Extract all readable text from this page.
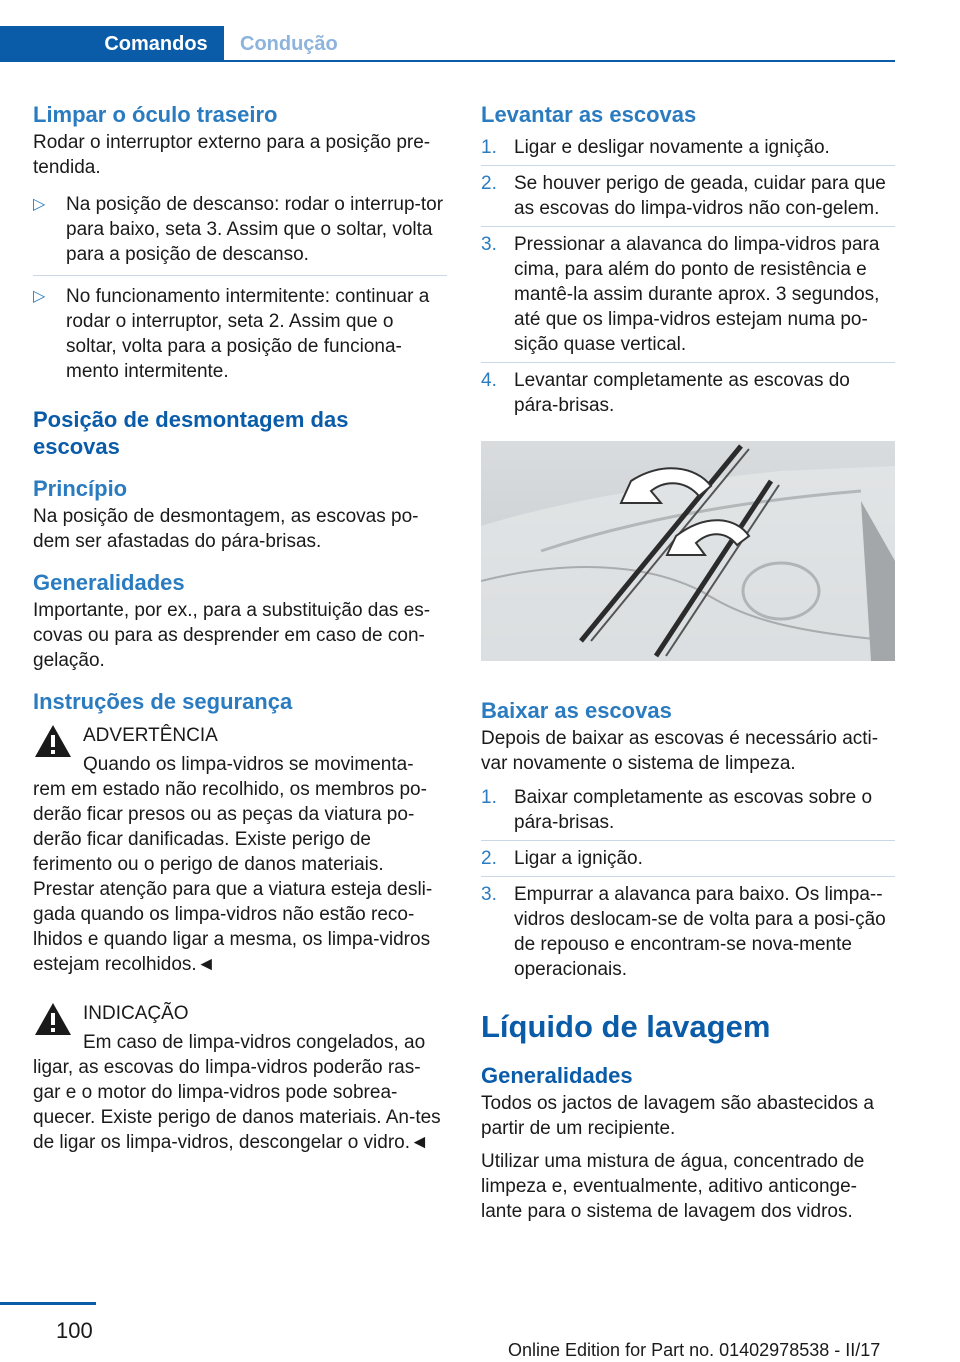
Comandos Condução
Limpar o óculo traseiro

Rodar o interruptor externo para a posição pre-tendida.

▷ Na posição de descanso: rodar o interrup-tor para baixo, seta 3. Assim que o soltar, volta para a posição de descanso.
▷ No funcionamento intermitente: continuar a rodar o interruptor, seta 2. Assim que o soltar, volta para a posição de funciona-mento intermitente.
Posição de desmontagem das escovas
Princípio

Na posição de desmontagem, as escovas po-dem ser afastadas do pára-brisas.

Generalidades

Importante, por ex., para a substituição das es-covas ou para as desprender em caso de con-gelação.

Instruções de segurança

ADVERTÊNCIA

Quando os limpa-vidros se movimenta-

rem em estado não recolhido, os membros po-derão ficar presos ou as peças da viatura po-derão ficar danificadas. Existe perigo de ferimento ou o perigo de danos materiais. Prestar atenção para que a viatura esteja desli-gada quando os limpa-vidros não estão reco-lhidos e quando ligar a mesma, os limpa-vidros estejam recolhidos.◄

INDICAÇÃO

Em caso de limpa-vidros congelados, ao

ligar, as escovas do limpa-vidros poderão ras-gar e o motor do limpa-vidros pode sobrea-quecer. Existe perigo de danos materiais. An-tes de ligar os limpa-vidros, descongelar o vidro.◄

Levantar as escovas
1. Ligar e desligar novamente a ignição.
2. Se houver perigo de geada, cuidar para que as escovas do limpa-vidros não con-gelem.
3. Pressionar a alavanca do limpa-vidros para cima, para além do ponto de resistência e mantê-la assim durante aprox. 3 segundos, até que os limpa-vidros estejam numa po-sição quase vertical.
4. Levantar completamente as escovas do pára-brisas.
Baixar as escovas

Depois de baixar as escovas é necessário acti-var novamente o sistema de limpeza.

1. Baixar completamente as escovas sobre o pára-brisas.
2. Ligar a ignição.
3. Empurrar a alavanca para baixo. Os limpa--vidros deslocam-se de volta para a posi-ção de repouso e encontram-se nova-mente operacionais.
Líquido de lavagem
Generalidades

Todos os jactos de lavagem são abastecidos a partir de um recipiente.

Utilizar uma mistura de água, concentrado de limpeza e, eventualmente, aditivo anticonge-lante para o sistema de lavagem dos vidros.

100
Online Edition for Part no. 01402978538 - II/17
